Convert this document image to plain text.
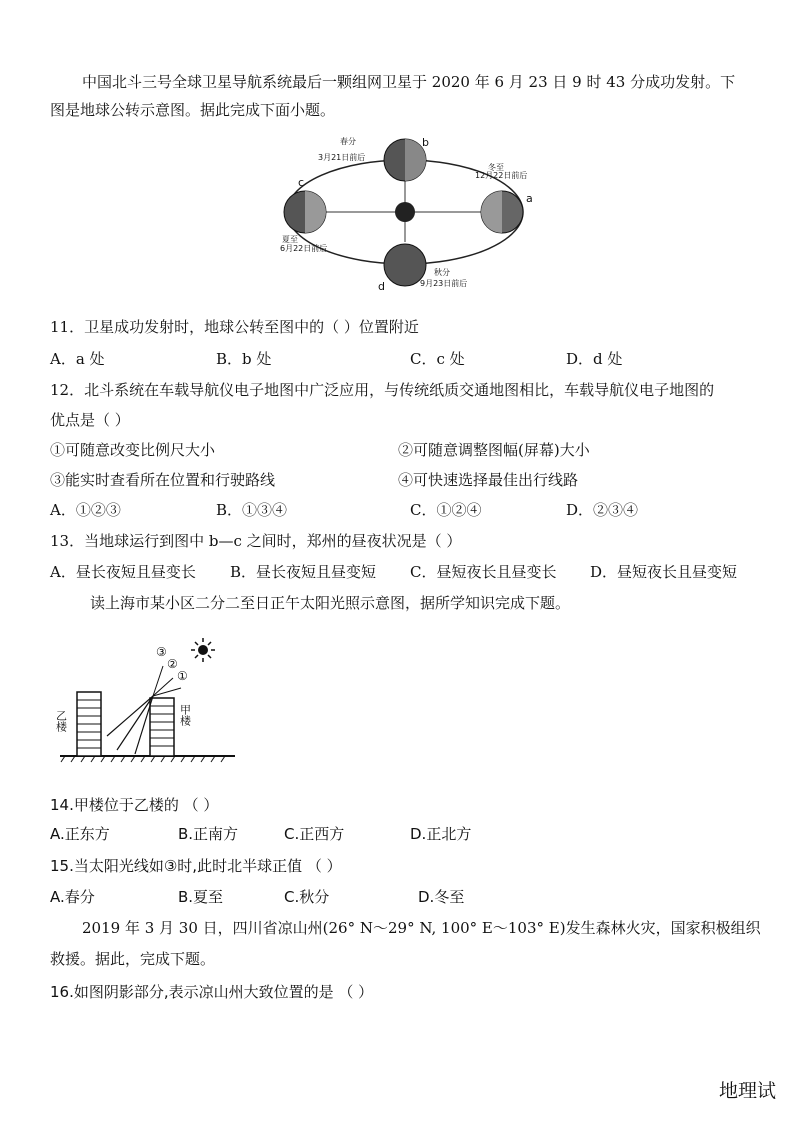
中国北斗三号全球卫星导航系统最后一颗组网卫星于 2020 年 6 月 23 日 9 时 43 分成功发射。下
图是地球公转示意图。据此完成下面小题。
春分
3月21日前后
b
冬至
12月22日前后
a
c
夏至
6月22日前后
d
秋分
9月23日前后
11．卫星成功发射时，地球公转至图中的（ ）位置附近
A．a 处	B．b 处	C．c 处	D．d 处
12．北斗系统在车载导航仪电子地图中广泛应用，与传统纸质交通地图相比，车载导航仪电子地图的
优点是（ ）
①可随意改变比例尺大小	②可随意调整图幅(屏幕)大小
③能实时查看所在位置和行驶路线	④可快速选择最佳出行线路
A．①②③	B．①③④	C．①②④	D．②③④
13．当地球运行到图中 b—c 之间时，郑州的昼夜状况是（ ）
A．昼长夜短且昼变长 B．昼长夜短且昼变短 C．昼短夜长且昼变长 D．昼短夜长且昼变短
读上海市某小区二分二至日正午太阳光照示意图，据所学知识完成下题。
③
②
①
乙楼	甲楼
14.甲楼位于乙楼的 （ ）
A.正东方	B.正南方	C.正西方	D.正北方
15.当太阳光线如③时,此时北半球正值 （ ）
A.春分	B.夏至	C.秋分	D.冬至
2019 年 3 月 30 日，四川省凉山州(26° N～29° N, 100° E～103° E)发生森林火灾，国家积极组织
救援。据此，完成下题。
16.如图阴影部分,表示凉山州大致位置的是 （ ）
地理试
